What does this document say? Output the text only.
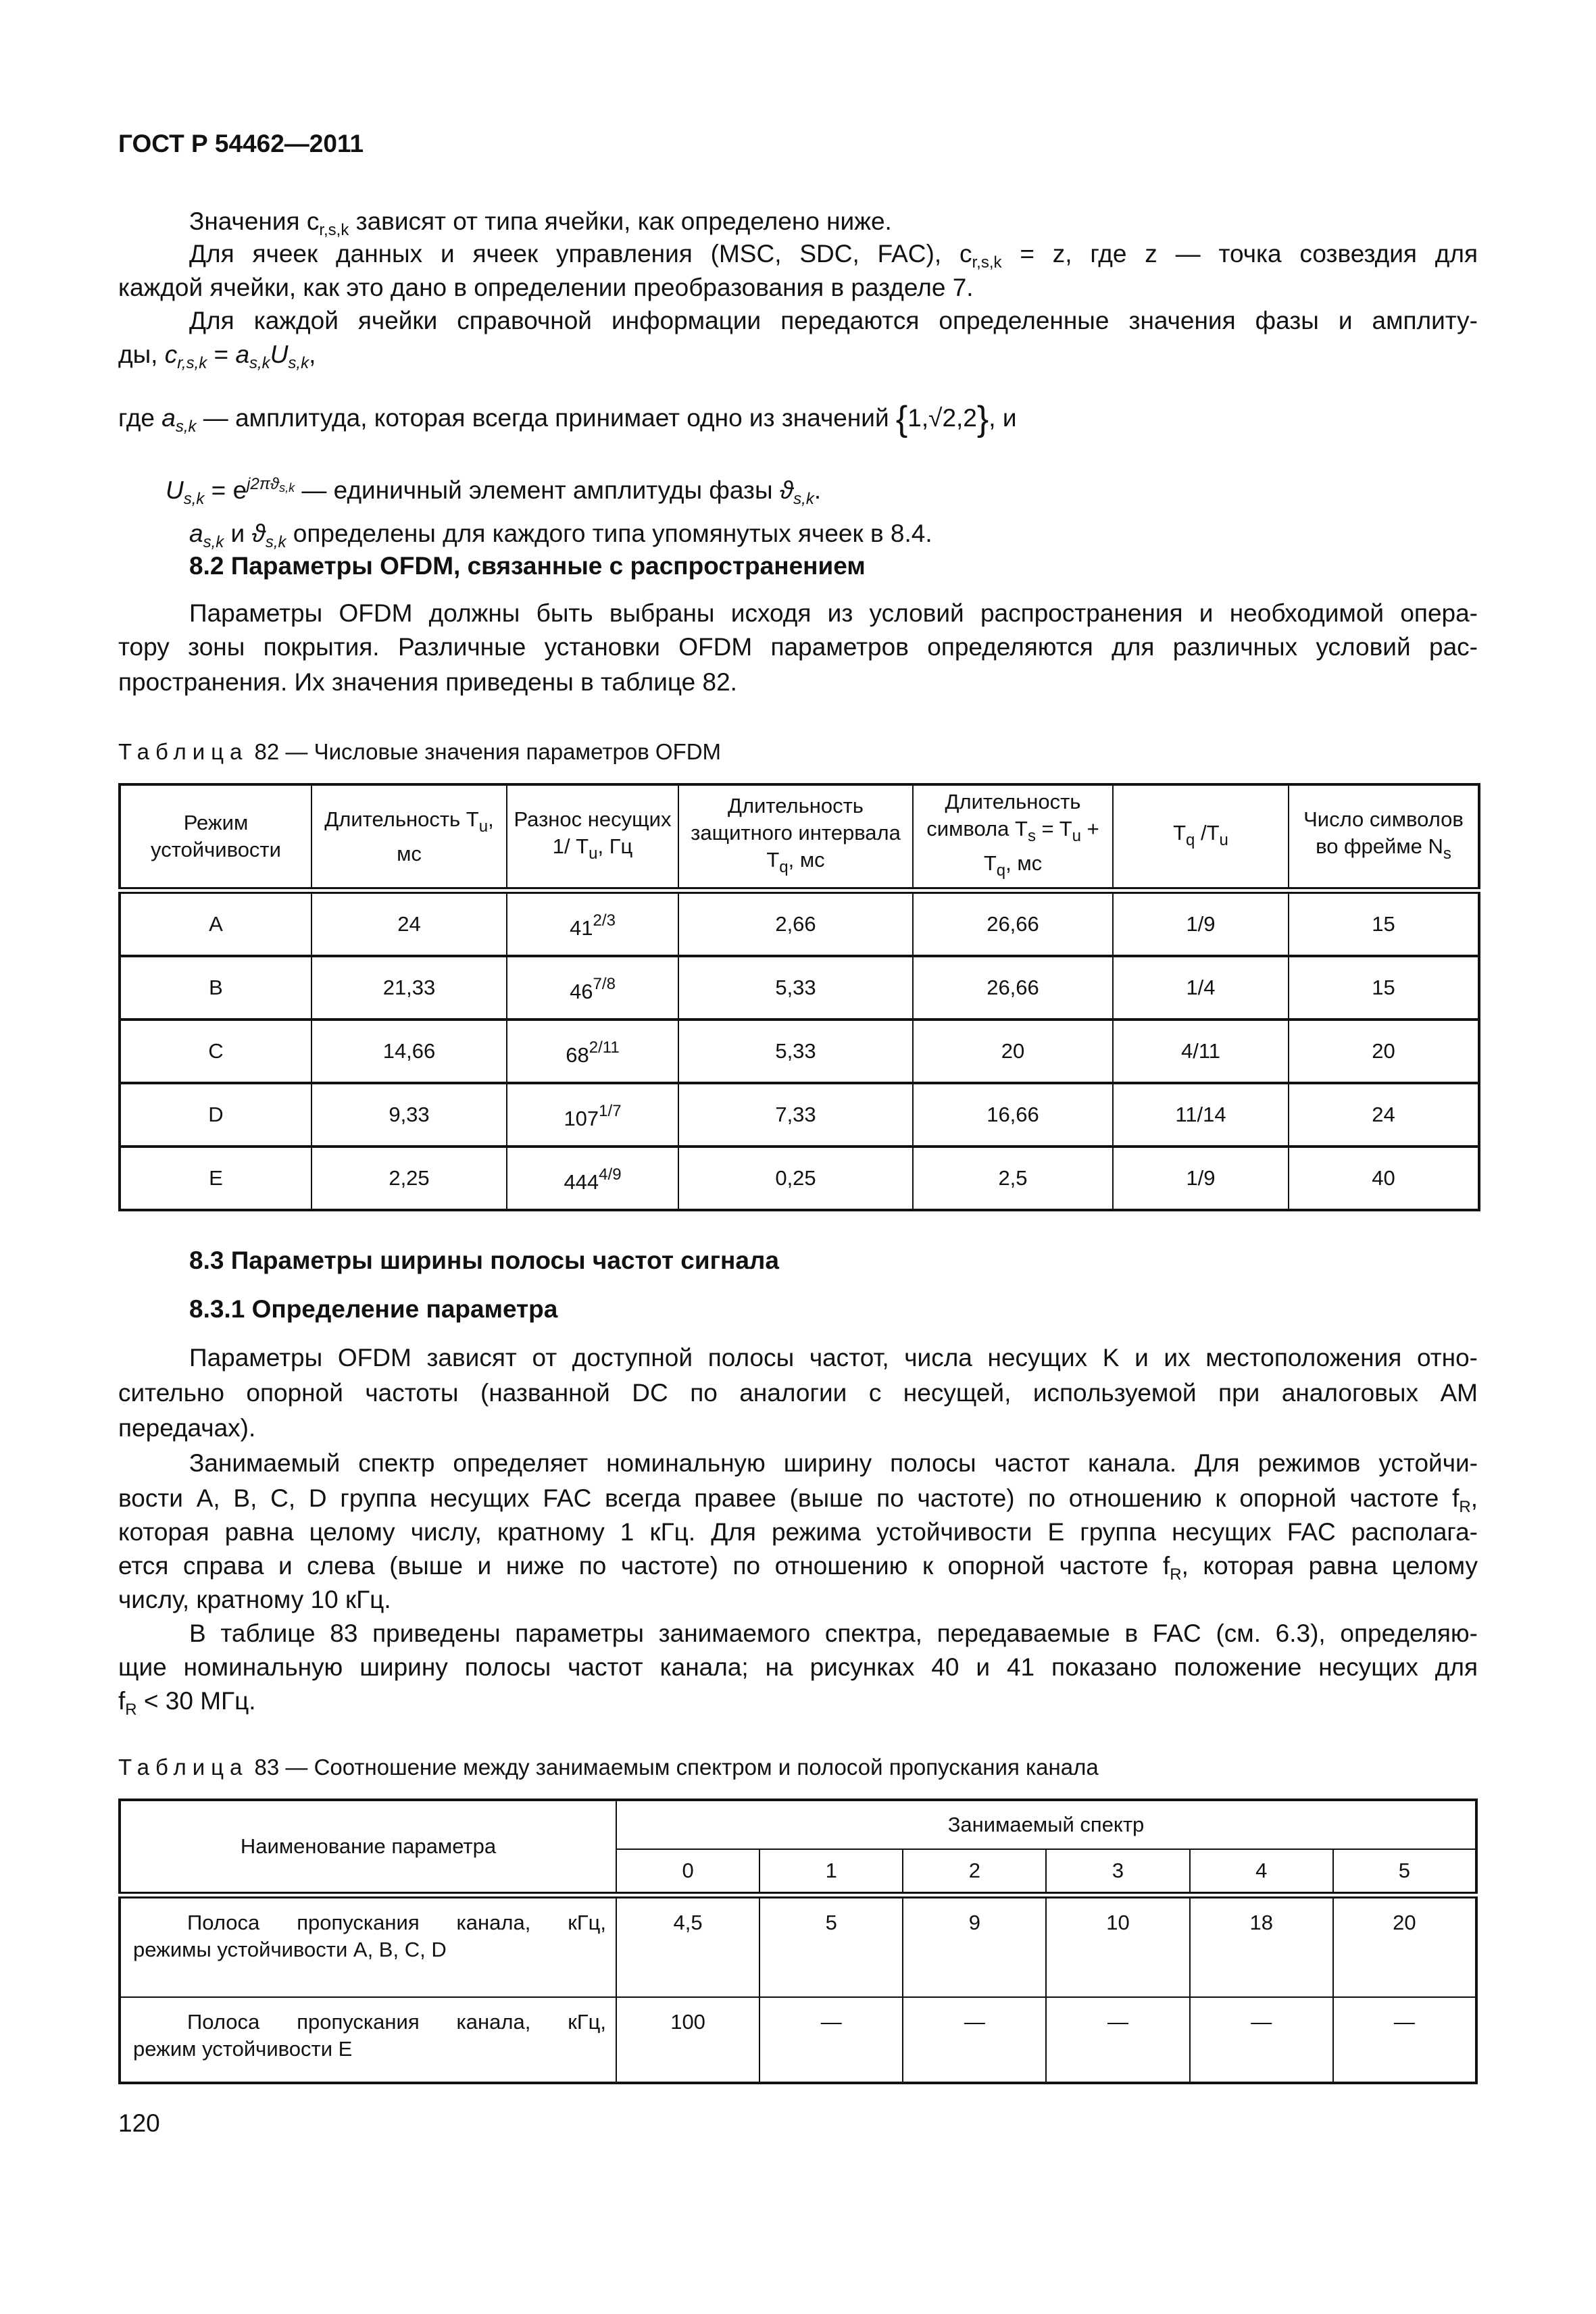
ГОСТ Р 54462—2011
Значения $c_{r,s,k}$ зависят от типа ячейки, как определено ниже.
Для ячеек данных и ячеек управления (MSC, SDC, FAC), $c_{r,s,k} = z$, где z — точка созвездия для
каждой ячейки, как это дано в определении преобразования в разделе 7.
Для каждой ячейки справочной информации передаются определенные значения фазы и амплиту-
ды, $c_{r,s,k} = a_{s,k}U_{s,k}$,
где $a_{s,k}$ — амплитуда, которая всегда принимает одно из значений {1,√2,2}, и
$U_{s,k} = e^{j2\pi ϑ_{s,k}}$ — единичный элемент амплитуды фазы $ϑ_{s,k}$.
$a_{s,k}$ и $ϑ_{s,k}$ определены для каждого типа упомянутых ячеек в 8.4.
8.2 Параметры OFDM, связанные с распространением
Параметры OFDM должны быть выбраны исходя из условий распространения и необходимой опера-
тору зоны покрытия. Различные установки OFDM параметров определяются для различных условий рас-
пространения. Их значения приведены в таблице 82.
Таблица 82 — Числовые значения параметров OFDM
Режим устойчивости	Длительность $T_u$, мс	Разнос несущих 1/ $T_u$, Гц	Длительность защитного интервала $T_q$, мс	Длительность символа $T_s = T_u + T_q$, мс	$T_q$ $/T_u$	Число символов во фрейме $N_s$
A	24	$41^{2/3}$	2,66	26,66	1/9	15
B	21,33	$46^{7/8}$	5,33	26,66	1/4	15
C	14,66	$68^{2/11}$	5,33	20	4/11	20
D	9,33	$107^{1/7}$	7,33	16,66	11/14	24
E	2,25	$444^{4/9}$	0,25	2,5	1/9	40
8.3 Параметры ширины полосы частот сигнала
8.3.1 Определение параметра
Параметры OFDM зависят от доступной полосы частот, числа несущих K и их местоположения отно-
сительно опорной частоты (названной DC по аналогии с несущей, используемой при аналоговых AM
передачах).
Занимаемый спектр определяет номинальную ширину полосы частот канала. Для режимов устойчи-
вости A, B, C, D группа несущих FAC всегда правее (выше по частоте) по отношению к опорной частоте $f_R$,
которая равна целому числу, кратному 1 кГц. Для режима устойчивости E группа несущих FAC располага-
ется справа и слева (выше и ниже по частоте) по отношению к опорной частоте $f_R$, которая равна целому
числу, кратному 10 кГц.
В таблице 83 приведены параметры занимаемого спектра, передаваемые в FAC (см. 6.3), определяю-
щие номинальную ширину полосы частот канала; на рисунках 40 и 41 показано положение несущих для
$f_R < 30$ МГц.
Таблица 83 — Соотношение между занимаемым спектром и полосой пропускания канала
Наименование параметра	Занимаемый спектр					
	0	1	2	3	4	5

Полоса пропускания канала, кГц,
режимы устойчивости A, B, C, D	4,5	5	9	10	18	20

Полоса пропускания канала, кГц,
режим устойчивости E	100	—	—	—	—	—
120
